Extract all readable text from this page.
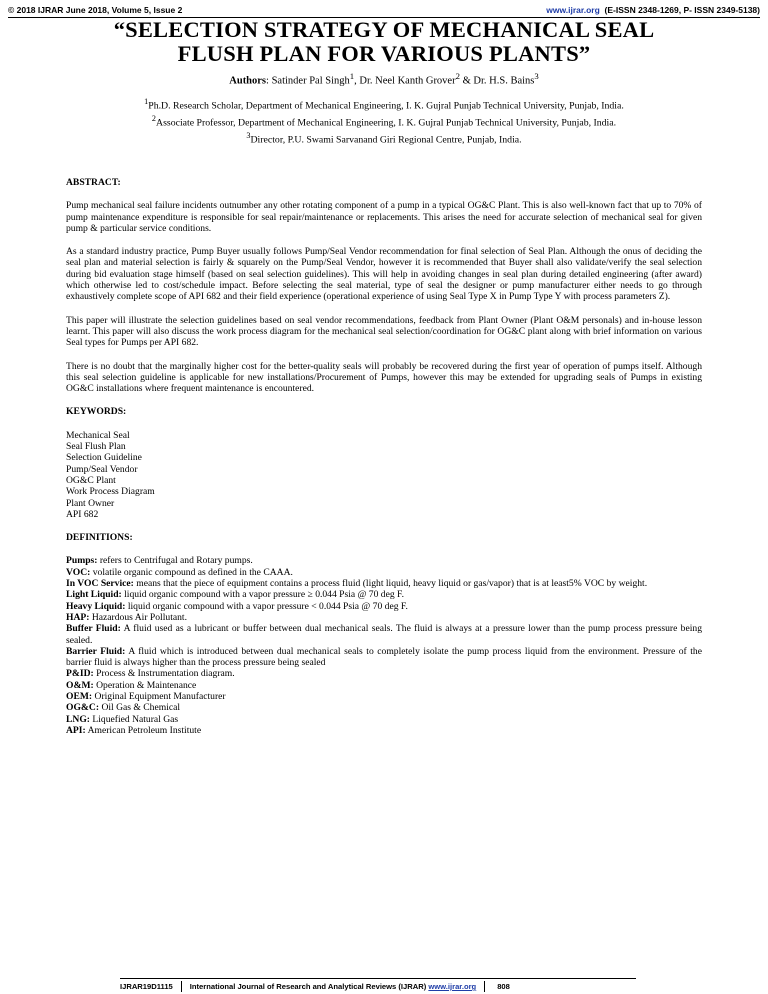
© 2018 IJRAR June 2018, Volume 5, Issue 2	www.ijrar.org (E-ISSN 2348-1269, P- ISSN 2349-5138)
“SELECTION STRATEGY OF MECHANICAL SEAL
FLUSH PLAN FOR VARIOUS PLANTS”
Authors: Satinder Pal Singh$^1$, Dr. Neel Kanth Grover$^2$ & Dr. H.S. Bains$^3$
$^1$Ph.D. Research Scholar, Department of Mechanical Engineering, I. K. Gujral Punjab Technical University, Punjab, India.
$^2$Associate Professor, Department of Mechanical Engineering, I. K. Gujral Punjab Technical University, Punjab, India.
$^3$Director, P.U. Swami Sarvanand Giri Regional Centre, Punjab, India.

ABSTRACT:

Pump mechanical seal failure incidents outnumber any other rotating component of a pump in a typical OG&C Plant. This is also well-known fact that up to 70% of pump maintenance expenditure is responsible for seal repair/maintenance or replacements. This arises the need for accurate selection of mechanical seal for given pump & particular service conditions.

As a standard industry practice, Pump Buyer usually follows Pump/Seal Vendor recommendation for final selection of Seal Plan. Although the onus of deciding the seal plan and material selection is fairly & squarely on the Pump/Seal Vendor, however it is recommended that Buyer shall also validate/verify the seal selection during bid evaluation stage himself (based on seal selection guidelines). This will help in avoiding changes in seal plan during detailed engineering (after award) which otherwise led to cost/schedule impact. Before selecting the seal material, type of seal the designer or pump manufacturer either needs to go through exhaustively complete scope of API 682 and their field experience (operational experience of using Seal Type X in Pump Type Y with process parameters Z).

This paper will illustrate the selection guidelines based on seal vendor recommendations, feedback from Plant Owner (Plant O&M personals) and in-house lesson learnt. This paper will also discuss the work process diagram for the mechanical seal selection/coordination for OG&C plant along with brief information on various Seal types for Pumps per API 682.

There is no doubt that the marginally higher cost for the better-quality seals will probably be recovered during the first year of operation of pumps itself. Although this seal selection guideline is applicable for new installations/Procurement of Pumps, however this may be extended for upgrading seals of Pumps in existing OG&C installations where frequent maintenance is encountered.

KEYWORDS:

Mechanical Seal
Seal Flush Plan
Selection Guideline
Pump/Seal Vendor
OG&C Plant
Work Process Diagram
Plant Owner
API 682

DEFINITIONS:

Pumps: refers to Centrifugal and Rotary pumps.

VOC: volatile organic compound as defined in the CAAA.

In VOC Service: means that the piece of equipment contains a process fluid (light liquid, heavy liquid or gas/vapor) that is at least5% VOC by weight.

Light Liquid: liquid organic compound with a vapor pressure ≥ 0.044 Psia @ 70 deg F.

Heavy Liquid: liquid organic compound with a vapor pressure < 0.044 Psia @ 70 deg F.

HAP: Hazardous Air Pollutant.

Buffer Fluid: A fluid used as a lubricant or buffer between dual mechanical seals. The fluid is always at a pressure lower than the pump process pressure being sealed.

Barrier Fluid: A fluid which is introduced between dual mechanical seals to completely isolate the pump process liquid from the environment. Pressure of the barrier fluid is always higher than the process pressure being sealed

P&ID: Process & Instrumentation diagram.

O&M: Operation & Maintenance

OEM: Original Equipment Manufacturer

OG&C: Oil Gas & Chemical

LNG: Liquefied Natural Gas

API: American Petroleum Institute

IJRAR19D1115 International Journal of Research and Analytical Reviews (IJRAR)
www.ijrar.org	808
